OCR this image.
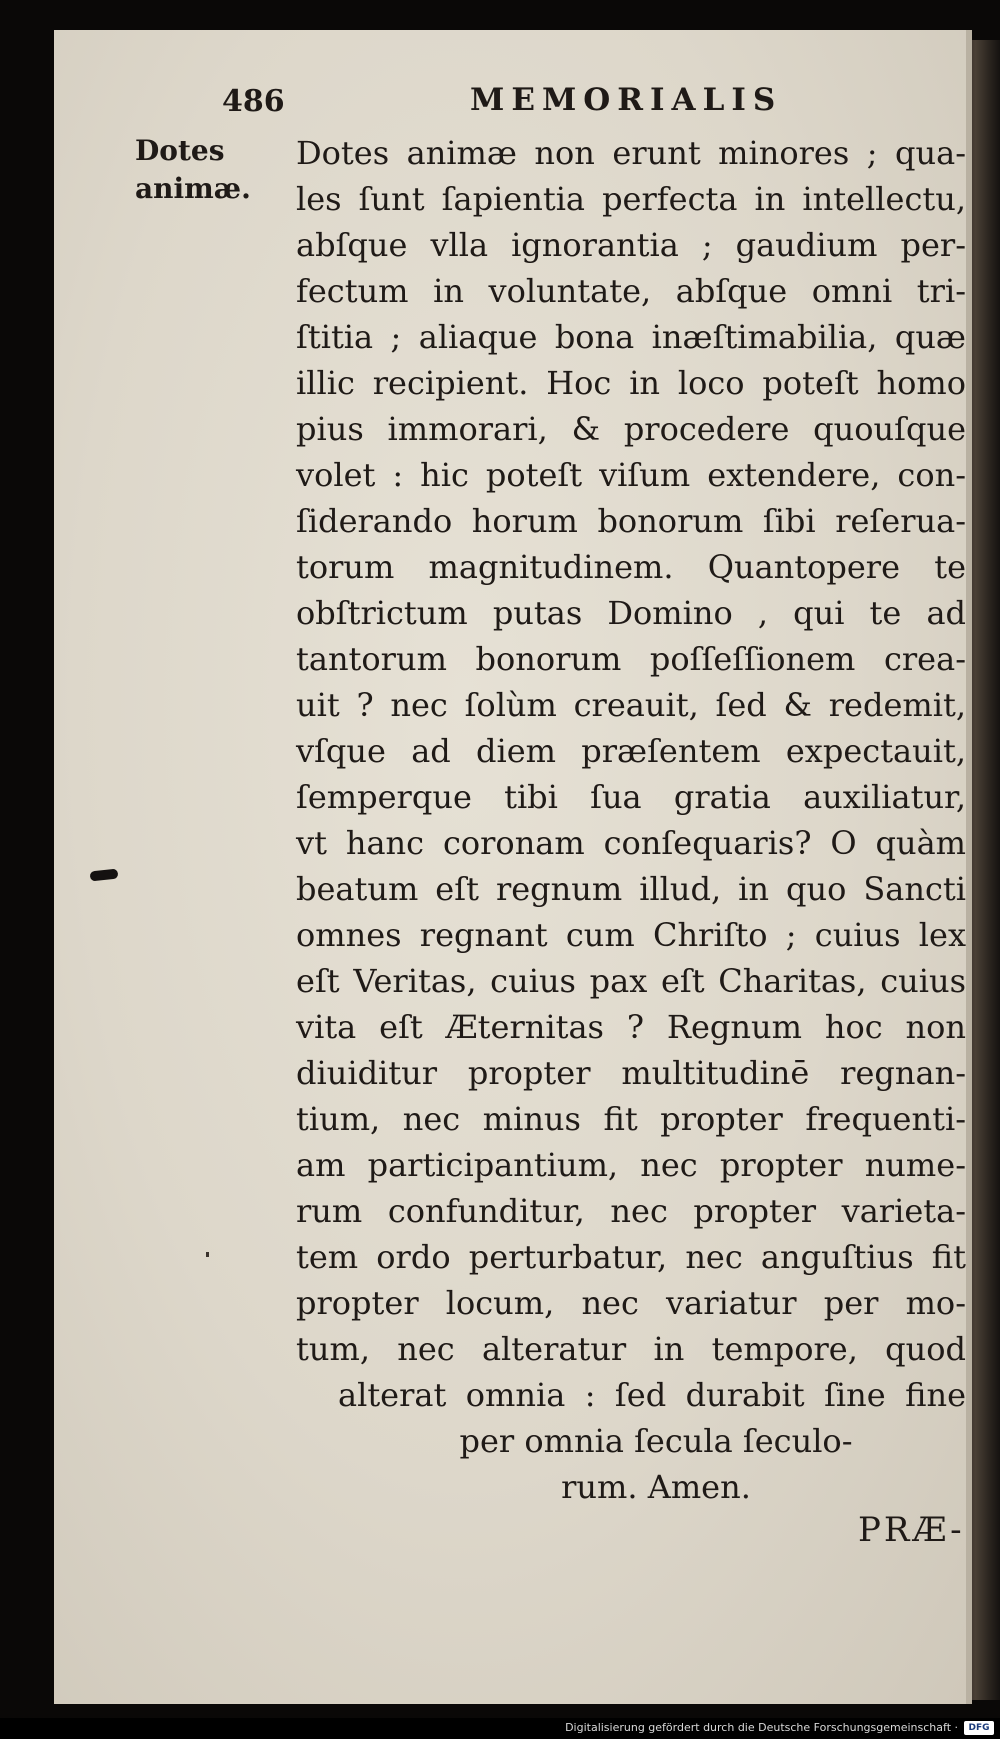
486	MEMORIALIS
Dotes
animæ.
Dotes animæ non erunt minores ; qua-
les ſunt ſapientia perfecta in intellectu,
abſque vlla ignorantia ; gaudium per-
fectum in voluntate, abſque omni tri-
ſtitia ; aliaque bona inæſtimabilia, quæ
illic recipient. Hoc in loco poteſt homo
pius immorari, & procedere quouſque
volet : hic poteſt viſum extendere, con-
ſiderando horum bonorum ſibi reſerua-
torum magnitudinem. Quantopere te
obſtrictum putas Domino , qui te ad
tantorum bonorum poſſeſſionem crea-
uit ? nec ſolùm creauit, ſed & redemit,
vſque ad diem præſentem expectauit,
ſemperque tibi ſua gratia auxiliatur,
vt hanc coronam conſequaris? O quàm
beatum eſt regnum illud, in quo Sancti
omnes regnant cum Chriſto ; cuius lex
eſt Veritas, cuius pax eſt Charitas, cuius
vita eſt Æternitas ? Regnum hoc non
diuiditur propter multitudinē regnan-
tium, nec minus fit propter frequenti-
am participantium, nec propter nume-
rum confunditur, nec propter varieta-
tem ordo perturbatur, nec anguſtius fit
propter locum, nec variatur per mo-
tum, nec alteratur in tempore, quod
alterat omnia : ſed durabit ſine fine
per omnia ſecula ſeculo-
rum. Amen.
PRÆ-
Digitalisierung gefördert durch die Deutsche Forschungsgemeinschaft ·	DFG
